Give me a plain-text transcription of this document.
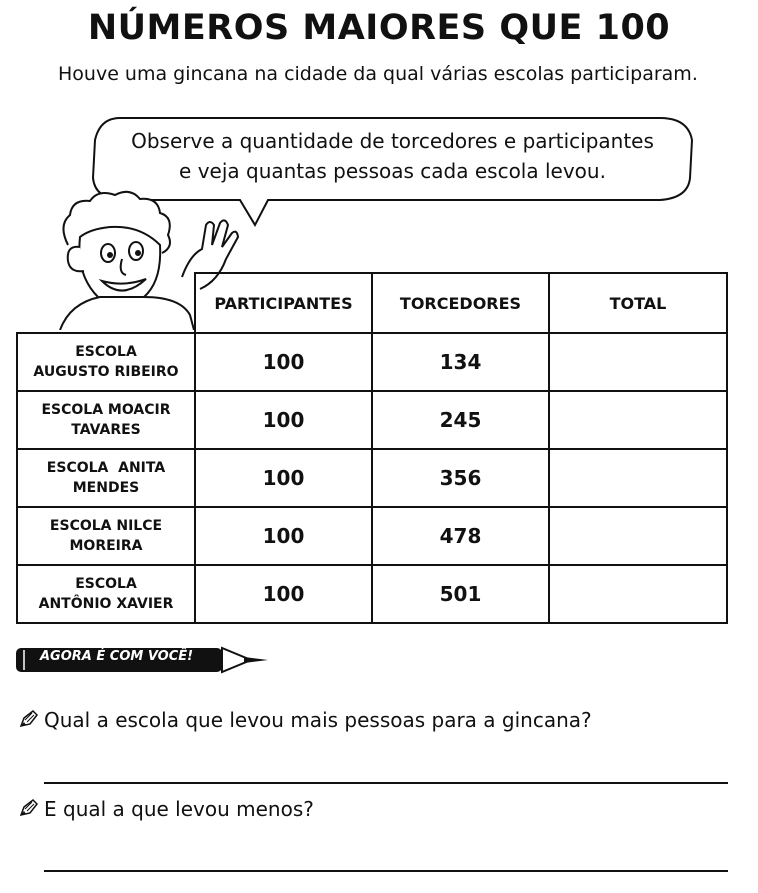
NÚMEROS MAIORES QUE 100
Houve uma gincana na cidade da qual várias escolas participaram.
Observe a quantidade de torcedores e participantes
e veja quantas pessoas cada escola levou.
	PARTICIPANTES	TORCEDORES	TOTAL

ESCOLA
AUGUSTO RIBEIRO	100	134	

ESCOLA MOACIR
TAVARES	100	245	

ESCOLA  ANITA
MENDES	100	356	

ESCOLA NILCE
MOREIRA	100	478	

ESCOLA
ANTÔNIO XAVIER	100	501	
AGORA É COM VOCÊ!
Qual a escola que levou mais pessoas para a gincana?
E qual a que levou menos?
